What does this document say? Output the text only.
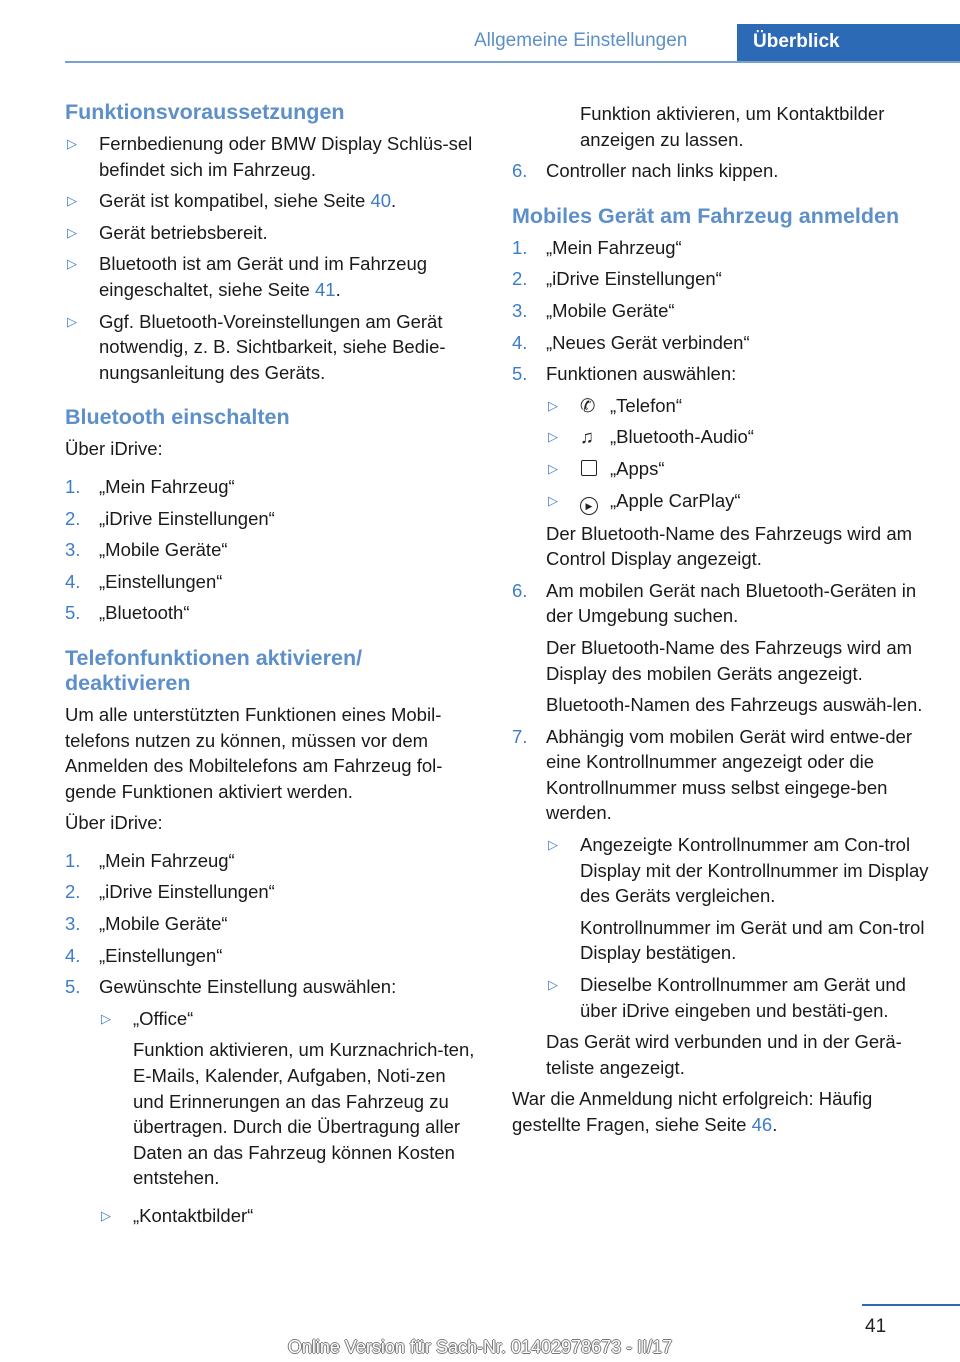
Allgemeine Einstellungen	Überblick
Funktionsvoraussetzungen
▷	Fernbedienung oder BMW Display Schlüs-sel befindet sich im Fahrzeug.
▷	Gerät ist kompatibel, siehe Seite 40.
▷	Gerät betriebsbereit.
▷	Bluetooth ist am Gerät und im Fahrzeug eingeschaltet, siehe Seite 41.
▷	Ggf. Bluetooth-Voreinstellungen am Gerät notwendig, z. B. Sichtbarkeit, siehe Bedie-nungsanleitung des Geräts.
Bluetooth einschalten
Über iDrive:
1.	„Mein Fahrzeug“
2.	„iDrive Einstellungen“
3.	„Mobile Geräte“
4.	„Einstellungen“
5.	„Bluetooth“
Telefonfunktionen aktivieren/ deaktivieren
Um alle unterstützten Funktionen eines Mobil-telefons nutzen zu können, müssen vor dem Anmelden des Mobiltelefons am Fahrzeug fol-gende Funktionen aktiviert werden.
Über iDrive:
1.	„Mein Fahrzeug“
2.	„iDrive Einstellungen“
3.	„Mobile Geräte“
4.	„Einstellungen“
5.	Gewünschte Einstellung auswählen:
▷	„Office“
Funktion aktivieren, um Kurznachrich-ten, E-Mails, Kalender, Aufgaben, Noti-zen und Erinnerungen an das Fahrzeug zu übertragen. Durch die Übertragung aller Daten an das Fahrzeug können Kosten entstehen.
▷	„Kontaktbilder“
Funktion aktivieren, um Kontaktbilder anzeigen zu lassen.
6.	Controller nach links kippen.
Mobiles Gerät am Fahrzeug anmelden
1.	„Mein Fahrzeug“
2.	„iDrive Einstellungen“
3.	„Mobile Geräte“
4.	„Neues Gerät verbinden“
5.	Funktionen auswählen:
▷	✆ „Telefon“
▷	♫ „Bluetooth-Audio“
▷	„Apps“
▷	▶ „Apple CarPlay“
Der Bluetooth-Name des Fahrzeugs wird am Control Display angezeigt.
6.	Am mobilen Gerät nach Bluetooth-Geräten in der Umgebung suchen.
Der Bluetooth-Name des Fahrzeugs wird am Display des mobilen Geräts angezeigt.
Bluetooth-Namen des Fahrzeugs auswäh-len.
7.	Abhängig vom mobilen Gerät wird entwe-der eine Kontrollnummer angezeigt oder die Kontrollnummer muss selbst eingege-ben werden.
▷	Angezeigte Kontrollnummer am Con-trol Display mit der Kontrollnummer im Display des Geräts vergleichen.
Kontrollnummer im Gerät und am Con-trol Display bestätigen.
▷	Dieselbe Kontrollnummer am Gerät und über iDrive eingeben und bestäti-gen.
Das Gerät wird verbunden und in der Gerä-teliste angezeigt.
War die Anmeldung nicht erfolgreich: Häufig gestellte Fragen, siehe Seite 46.
41
Online Version für Sach-Nr. 01402978673 - II/17
